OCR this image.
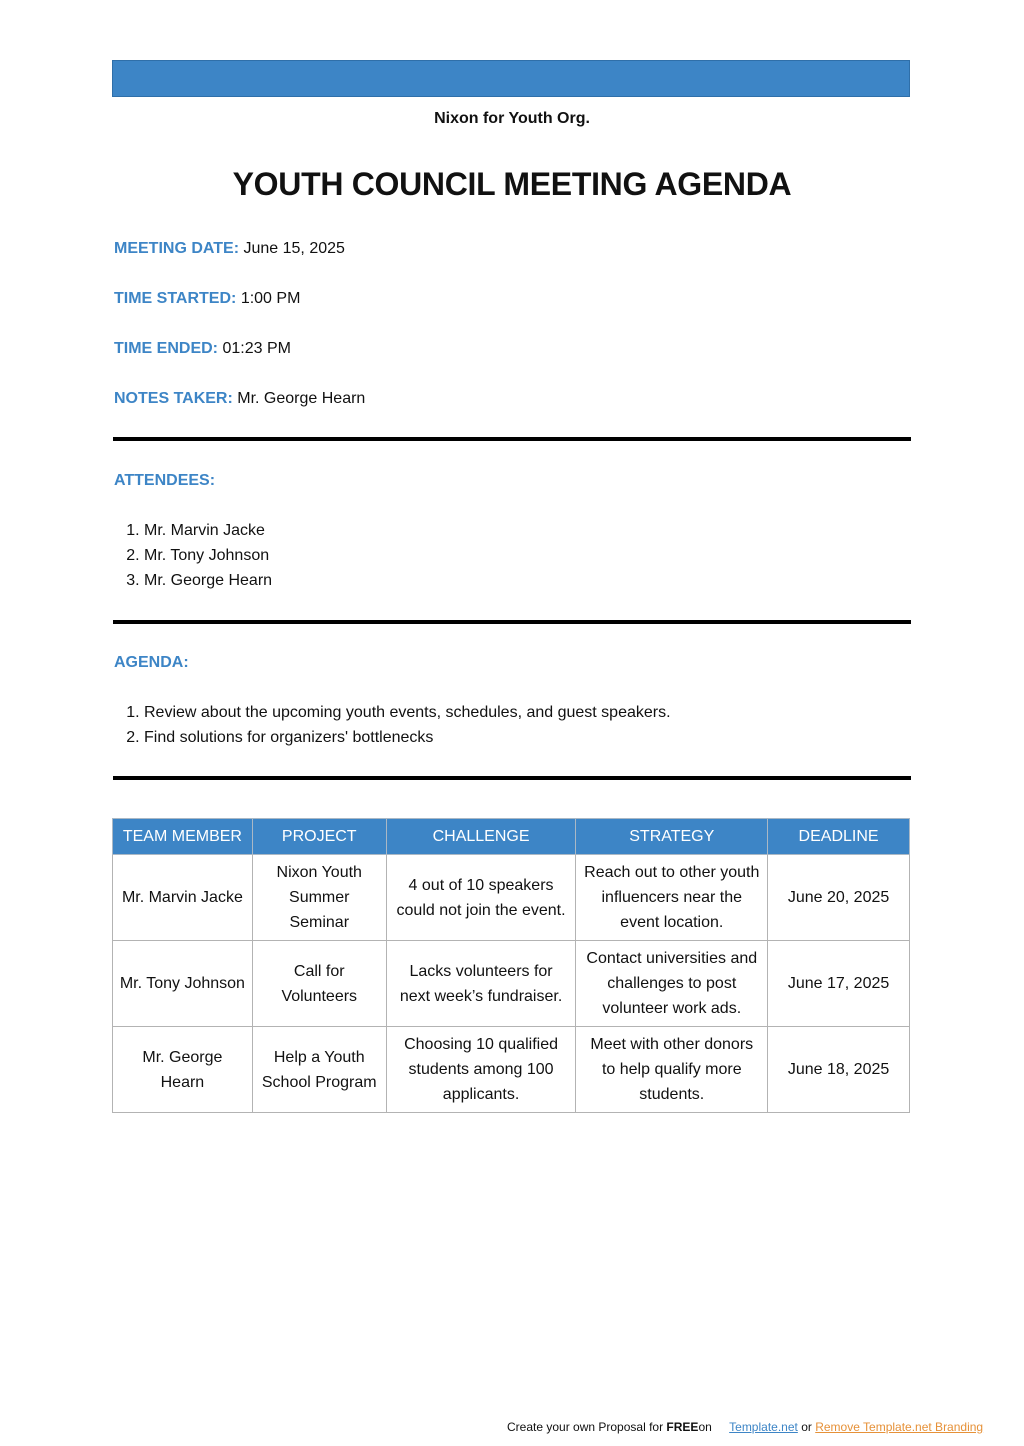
Nixon for Youth Org.
YOUTH COUNCIL MEETING AGENDA
MEETING DATE: June 15, 2025
TIME STARTED: 1:00 PM
TIME ENDED: 01:23 PM
NOTES TAKER: Mr. George Hearn
ATTENDEES:
1. Mr. Marvin Jacke
2. Mr. Tony Johnson
3. Mr. George Hearn
AGENDA:
1. Review about the upcoming youth events, schedules, and guest speakers.
2. Find solutions for organizers' bottlenecks
TEAM MEMBER	PROJECT	CHALLENGE	STRATEGY	DEADLINE
Mr. Marvin Jacke	Nixon Youth Summer Seminar	4 out of 10 speakers could not join the event.	Reach out to other youth influencers near the event location.	June 20, 2025
Mr. Tony Johnson	Call for Volunteers	Lacks volunteers for next week’s fundraiser.	Contact universities and challenges to post volunteer work ads.	June 17, 2025
Mr. George Hearn	Help a Youth School Program	Choosing 10 qualified students among 100 applicants.	Meet with other donors to help qualify more students.	June 18, 2025
Create your own Proposal for FREEon Template.net or Remove Template.net Branding
